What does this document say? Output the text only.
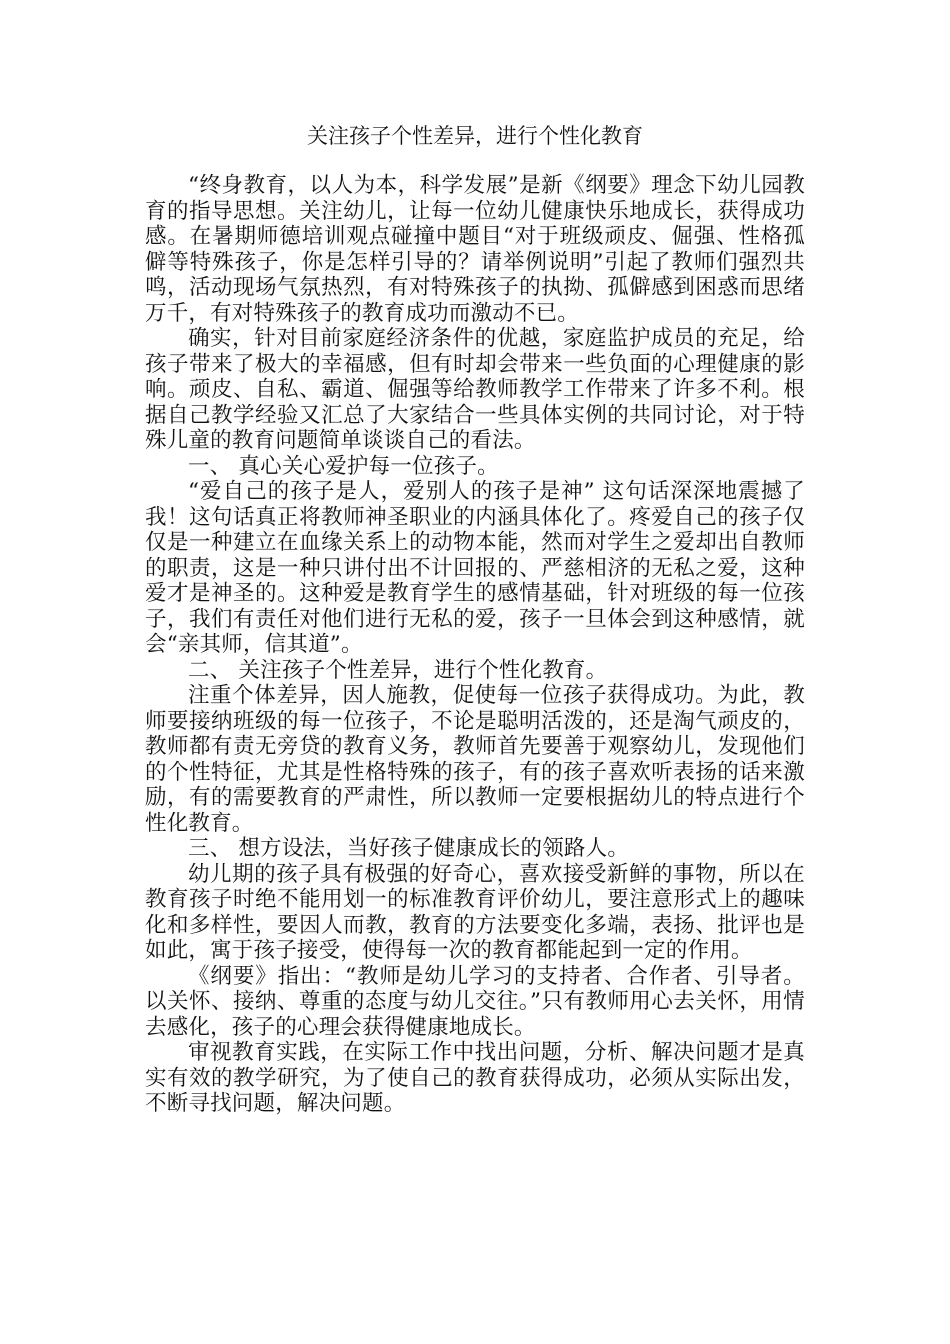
关注孩子个性差异，进行个性化教育

“终身教育，以人为本，科学发展”是新《纲要》理念下幼儿园教育的指导思想。关注幼儿，让每一位幼儿健康快乐地成长，获得成功感。在暑期师德培训观点碰撞中题目“对于班级顽皮、倔强、性格孤僻等特殊孩子，你是怎样引导的？请举例说明”引起了教师们强烈共鸣，活动现场气氛热烈，有对特殊孩子的执拗、孤僻感到困惑而思绪万千，有对特殊孩子的教育成功而激动不已。

确实，针对目前家庭经济条件的优越，家庭监护成员的充足，给孩子带来了极大的幸福感，但有时却会带来一些负面的心理健康的影响。顽皮、自私、霸道、倔强等给教师教学工作带来了许多不利。根据自己教学经验又汇总了大家结合一些具体实例的共同讨论，对于特殊儿童的教育问题简单谈谈自己的看法。

一、 真心关心爱护每一位孩子。

“爱自己的孩子是人，爱别人的孩子是神” 这句话深深地震撼了我！这句话真正将教师神圣职业的内涵具体化了。疼爱自己的孩子仅仅是一种建立在血缘关系上的动物本能，然而对学生之爱却出自教师的职责，这是一种只讲付出不计回报的、严慈相济的无私之爱，这种爱才是神圣的。这种爱是教育学生的感情基础，针对班级的每一位孩子，我们有责任对他们进行无私的爱，孩子一旦体会到这种感情，就会“亲其师，信其道”。

二、 关注孩子个性差异，进行个性化教育。

注重个体差异，因人施教，促使每一位孩子获得成功。为此，教师要接纳班级的每一位孩子，不论是聪明活泼的，还是淘气顽皮的，教师都有责无旁贷的教育义务，教师首先要善于观察幼儿，发现他们的个性特征，尤其是性格特殊的孩子，有的孩子喜欢听表扬的话来激励，有的需要教育的严肃性，所以教师一定要根据幼儿的特点进行个性化教育。

三、 想方设法，当好孩子健康成长的领路人。

幼儿期的孩子具有极强的好奇心，喜欢接受新鲜的事物，所以在教育孩子时绝不能用划一的标准教育评价幼儿，要注意形式上的趣味化和多样性，要因人而教，教育的方法要变化多端，表扬、批评也是如此，寓于孩子接受，使得每一次的教育都能起到一定的作用。

《纲要》指出：“教师是幼儿学习的支持者、合作者、引导者。以关怀、接纳、尊重的态度与幼儿交往。”只有教师用心去关怀，用情去感化，孩子的心理会获得健康地成长。

审视教育实践，在实际工作中找出问题，分析、解决问题才是真实有效的教学研究，为了使自己的教育获得成功，必须从实际出发，不断寻找问题，解决问题。
